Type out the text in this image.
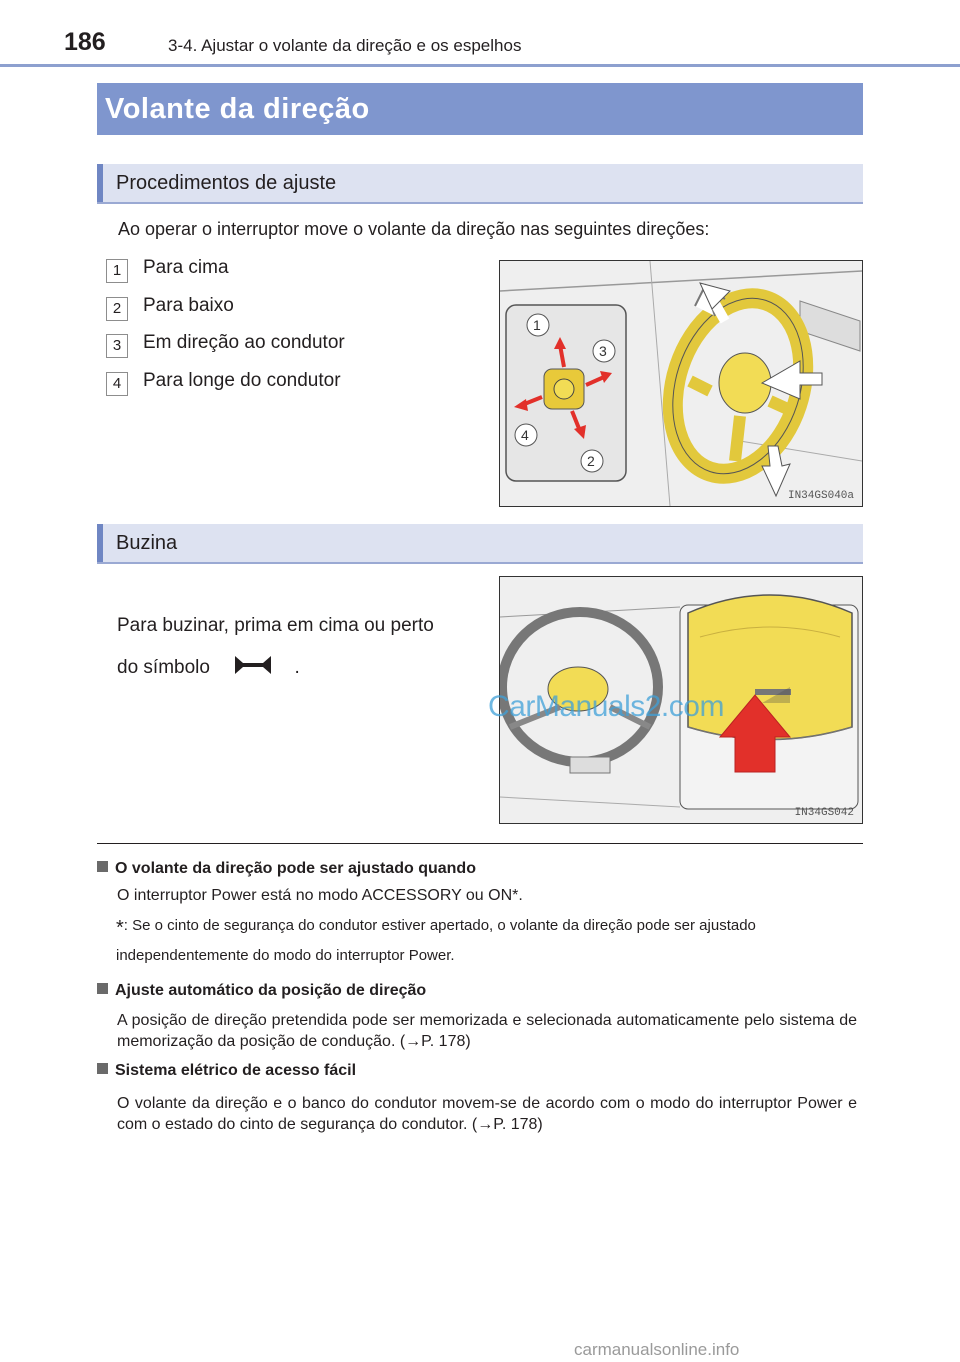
186	3-4. Ajustar o volante da direção e os espelhos
Volante da direção
Procedimentos de ajuste
Ao operar o interruptor move o volante da direção nas seguintes direções:
1	Para cima
2	Para baixo
3	Em direção ao condutor
4	Para longe do condutor
1
2
3
4
IN34GS040a
Buzina
Para buzinar, prima em cima ou perto
do símbolo	.
IN34GS042
CarManuals2.com
O volante da direção pode ser ajustado quando
O interruptor Power está no modo ACCESSORY ou ON*.
*: Se o cinto de segurança do condutor estiver apertado, o volante da direção pode ser ajustado independentemente do modo do interruptor Power.
Ajuste automático da posição de direção
A posição de direção pretendida pode ser memorizada e selecionada automaticamente pelo sistema de memorização da posição de condução. (→P. 178)
Sistema elétrico de acesso fácil
O volante da direção e o banco do condutor movem-se de acordo com o modo do interruptor Power e com o estado do cinto de segurança do condutor. (→P. 178)
carmanualsonline.info
